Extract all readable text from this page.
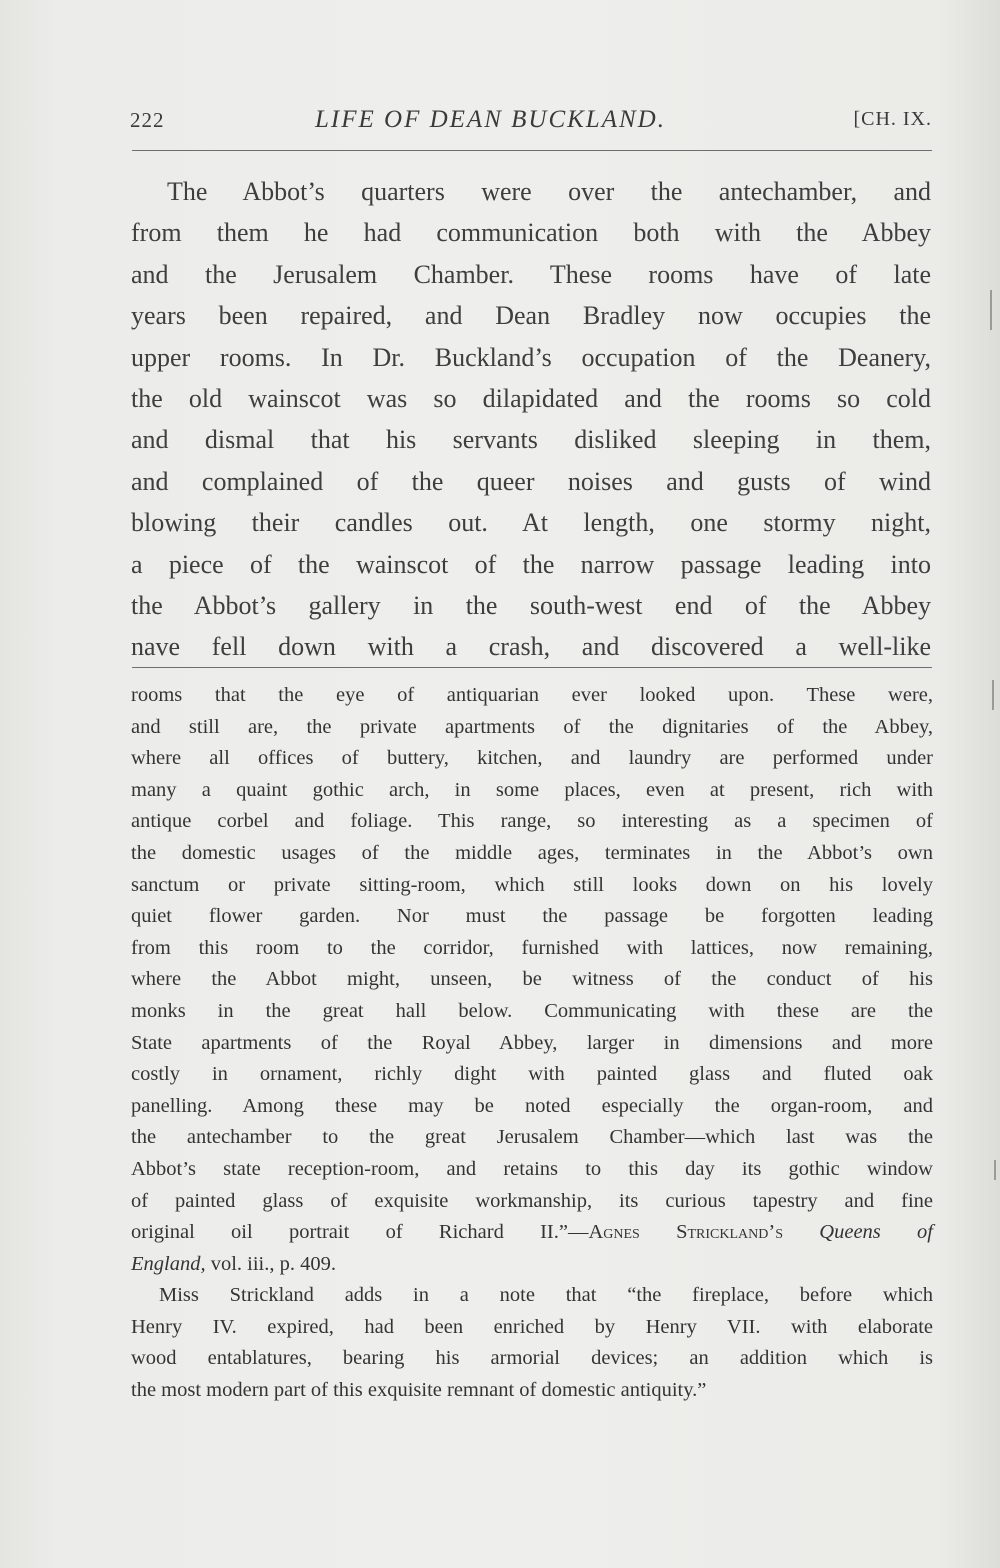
222	LIFE OF DEAN BUCKLAND.	[CH. IX.
The Abbot’s quarters were over the antechamber, and
from them he had communication both with the Abbey
and the Jerusalem Chamber. These rooms have of late
years been repaired, and Dean Bradley now occupies the
upper rooms. In Dr. Buckland’s occupation of the Deanery,
the old wainscot was so dilapidated and the rooms so cold
and dismal that his servants disliked sleeping in them,
and complained of the queer noises and gusts of wind
blowing their candles out. At length, one stormy night,
a piece of the wainscot of the narrow passage leading into
the Abbot’s gallery in the south-west end of the Abbey
nave fell down with a crash, and discovered a well-like
rooms that the eye of antiquarian ever looked upon. These were,
and still are, the private apartments of the dignitaries of the Abbey,
where all offices of buttery, kitchen, and laundry are performed under
many a quaint gothic arch, in some places, even at present, rich with
antique corbel and foliage. This range, so interesting as a specimen of
the domestic usages of the middle ages, terminates in the Abbot’s own
sanctum or private sitting-room, which still looks down on his lovely
quiet flower garden. Nor must the passage be forgotten leading
from this room to the corridor, furnished with lattices, now remaining,
where the Abbot might, unseen, be witness of the conduct of his
monks in the great hall below. Communicating with these are the
State apartments of the Royal Abbey, larger in dimensions and more
costly in ornament, richly dight with painted glass and fluted oak
panelling. Among these may be noted especially the organ-room, and
the antechamber to the great Jerusalem Chamber—which last was the
Abbot’s state reception-room, and retains to this day its gothic window
of painted glass of exquisite workmanship, its curious tapestry and fine
original oil portrait of Richard II.”—Agnes Strickland’s Queens of
England, vol. iii., p. 409.
Miss Strickland adds in a note that “the fireplace, before which
Henry IV. expired, had been enriched by Henry VII. with elaborate
wood entablatures, bearing his armorial devices; an addition which is
the most modern part of this exquisite remnant of domestic antiquity.”
